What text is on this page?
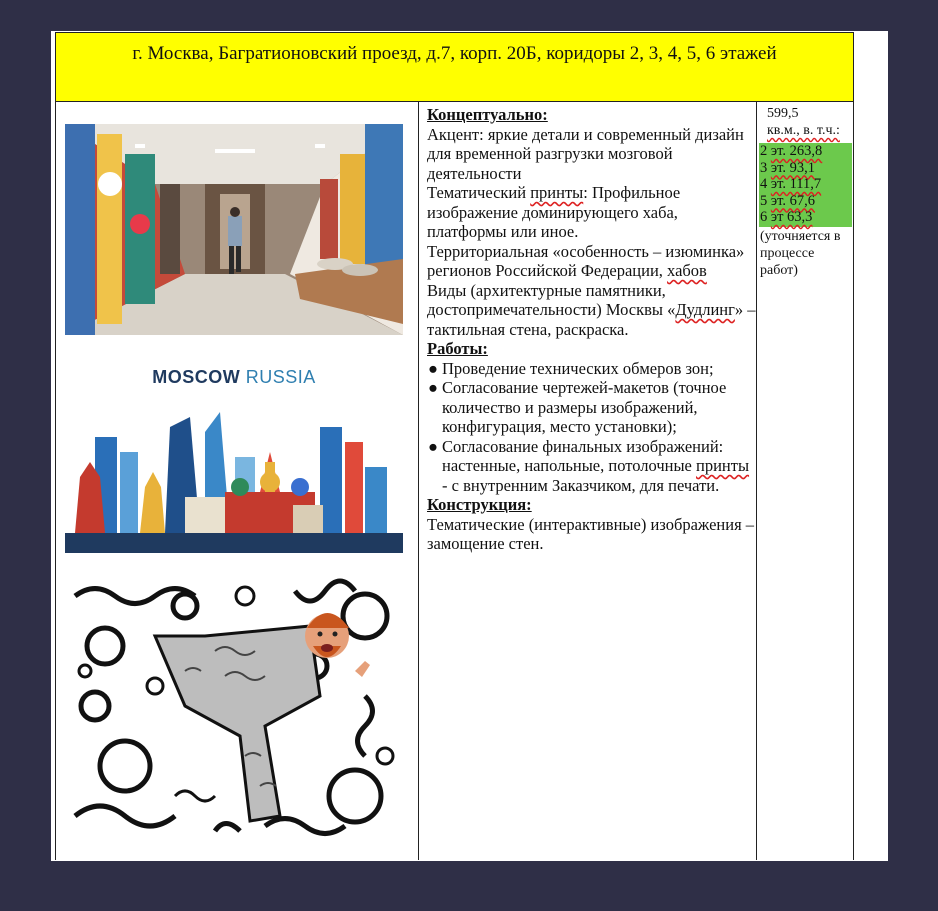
г. Москва, Багратионовский проезд, д.7, корп. 20Б, коридоры 2, 3, 4, 5, 6 этажей
MOSCOW RUSSIA

Концептуально:

Акцент: яркие детали и современный дизайн для временной разгрузки мозговой деятельности

Тематический принты: Профильное изображение доминирующего хаба, платформы или иное.

Территориальная «особенность – изюминка» регионов Российской Федерации, хабов

Виды (архитектурные памятники, достопримечательности) Москвы «Дудлинг» – тактильная стена, раскраска.

Работы:

● Проведение технических обмеров зон;
● Согласование чертежей-макетов (точное количество и размеры изображений, конфигурация, место установки);
● Согласование финальных изображений: настенные, напольные, потолочные принты - с внутренним Заказчиком, для печати.

Конструкция:

Тематические (интерактивные) изображения – замощение стен.

599,5
кв.м., в. т.ч.:
2 эт. 263,8
3 эт. 93,1
4 эт. 111,7
5 эт. 67,6
6 эт 63,3
(уточняется в процессе работ)
